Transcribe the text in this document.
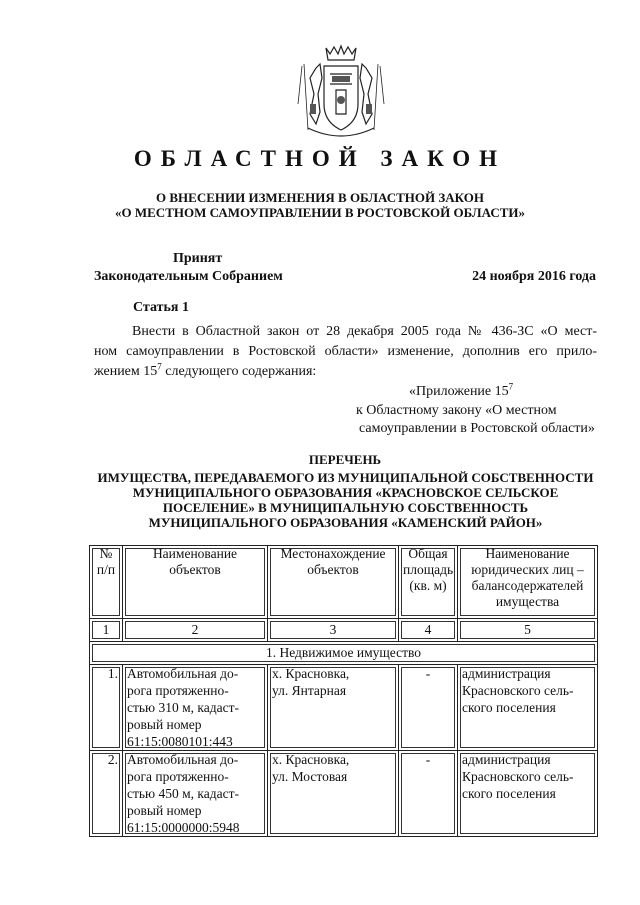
ОБЛАСТНОЙ ЗАКОН
О ВНЕСЕНИИ ИЗМЕНЕНИЯ В ОБЛАСТНОЙ ЗАКОН
«О МЕСТНОМ САМОУПРАВЛЕНИИ В РОСТОВСКОЙ ОБЛАСТИ»
Принят
Законодательным Собранием	24 ноября 2016 года
Статья 1
Внести в Областной закон от 28 декабря 2005 года № 436-ЗС «О мест-
ном самоуправлении в Ростовской области» изменение, дополнив его прило-
жением $15^7$ следующего содержания:
«Приложение $15^7$
к Областному закону «О местном
самоуправлении в Ростовской области»
ПЕРЕЧЕНЬ
ИМУЩЕСТВА, ПЕРЕДАВАЕМОГО ИЗ МУНИЦИПАЛЬНОЙ СОБСТВЕННОСТИ
МУНИЦИПАЛЬНОГО ОБРАЗОВАНИЯ «КРАСНОВСКОЕ СЕЛЬСКОЕ
ПОСЕЛЕНИЕ» В МУНИЦИПАЛЬНУЮ СОБСТВЕННОСТЬ
МУНИЦИПАЛЬНОГО ОБРАЗОВАНИЯ «КАМЕНСКИЙ РАЙОН»
№ п/п	Наименование объектов	Местонахождение объектов	Общая площадь (кв. м)	Наименование юридических лиц – балансодержателей имущества
1	2	3	4	5
1. Недвижимое имущество				
1.	Автомобильная до-
рога протяженно-
стью 310 м, кадаст-
ровый номер
61:15:0080101:443	х. Красновка,
ул. Янтарная	-	администрация
Красновского сель-
ского поселения

2.	Автомобильная до-
рога протяженно-
стью 450 м, кадаст-
ровый номер
61:15:0000000:5948	х. Красновка,
ул. Мостовая	-	администрация
Красновского сель-
ского поселения
